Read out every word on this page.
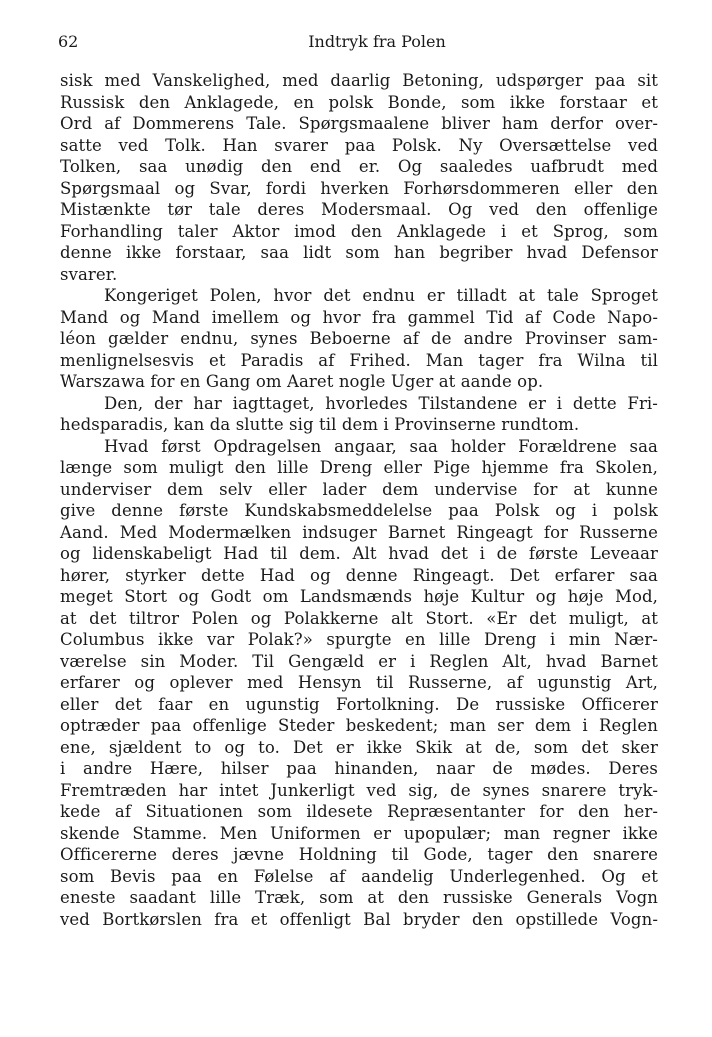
62	Indtryk fra Polen
sisk med Vanskelighed, med daarlig Betoning, udspørger paa sit
Russisk den Anklagede, en polsk Bonde, som ikke forstaar et
Ord af Dommerens Tale. Spørgsmaalene bliver ham derfor over-
satte ved Tolk. Han svarer paa Polsk. Ny Oversættelse ved
Tolken, saa unødig den end er. Og saaledes uafbrudt med
Spørgsmaal og Svar, fordi hverken Forhørsdommeren eller den
Mistænkte tør tale deres Modersmaal. Og ved den offenlige
Forhandling taler Aktor imod den Anklagede i et Sprog, som
denne ikke forstaar, saa lidt som han begriber hvad Defensor
svarer.
Kongeriget Polen, hvor det endnu er tilladt at tale Sproget
Mand og Mand imellem og hvor fra gammel Tid af Code Napo-
léon gælder endnu, synes Beboerne af de andre Provinser sam-
menlignelsesvis et Paradis af Frihed. Man tager fra Wilna til
Warszawa for en Gang om Aaret nogle Uger at aande op.
Den, der har iagttaget, hvorledes Tilstandene er i dette Fri-
hedsparadis, kan da slutte sig til dem i Provinserne rundtom.
Hvad først Opdragelsen angaar, saa holder Forældrene saa
længe som muligt den lille Dreng eller Pige hjemme fra Skolen,
underviser dem selv eller lader dem undervise for at kunne
give denne første Kundskabsmeddelelse paa Polsk og i polsk
Aand. Med Modermælken indsuger Barnet Ringeagt for Russerne
og lidenskabeligt Had til dem. Alt hvad det i de første Leveaar
hører, styrker dette Had og denne Ringeagt. Det erfarer saa
meget Stort og Godt om Landsmænds høje Kultur og høje Mod,
at det tiltror Polen og Polakkerne alt Stort. «Er det muligt, at
Columbus ikke var Polak?» spurgte en lille Dreng i min Nær-
værelse sin Moder. Til Gengæld er i Reglen Alt, hvad Barnet
erfarer og oplever med Hensyn til Russerne, af ugunstig Art,
eller det faar en ugunstig Fortolkning. De russiske Officerer
optræder paa offenlige Steder beskedent; man ser dem i Reglen
ene, sjældent to og to. Det er ikke Skik at de, som det sker
i andre Hære, hilser paa hinanden, naar de mødes. Deres
Fremtræden har intet Junkerligt ved sig, de synes snarere tryk-
kede af Situationen som ildesete Repræsentanter for den her-
skende Stamme. Men Uniformen er upopulær; man regner ikke
Officererne deres jævne Holdning til Gode, tager den snarere
som Bevis paa en Følelse af aandelig Underlegenhed. Og et
eneste saadant lille Træk, som at den russiske Generals Vogn
ved Bortkørslen fra et offenligt Bal bryder den opstillede Vogn-
